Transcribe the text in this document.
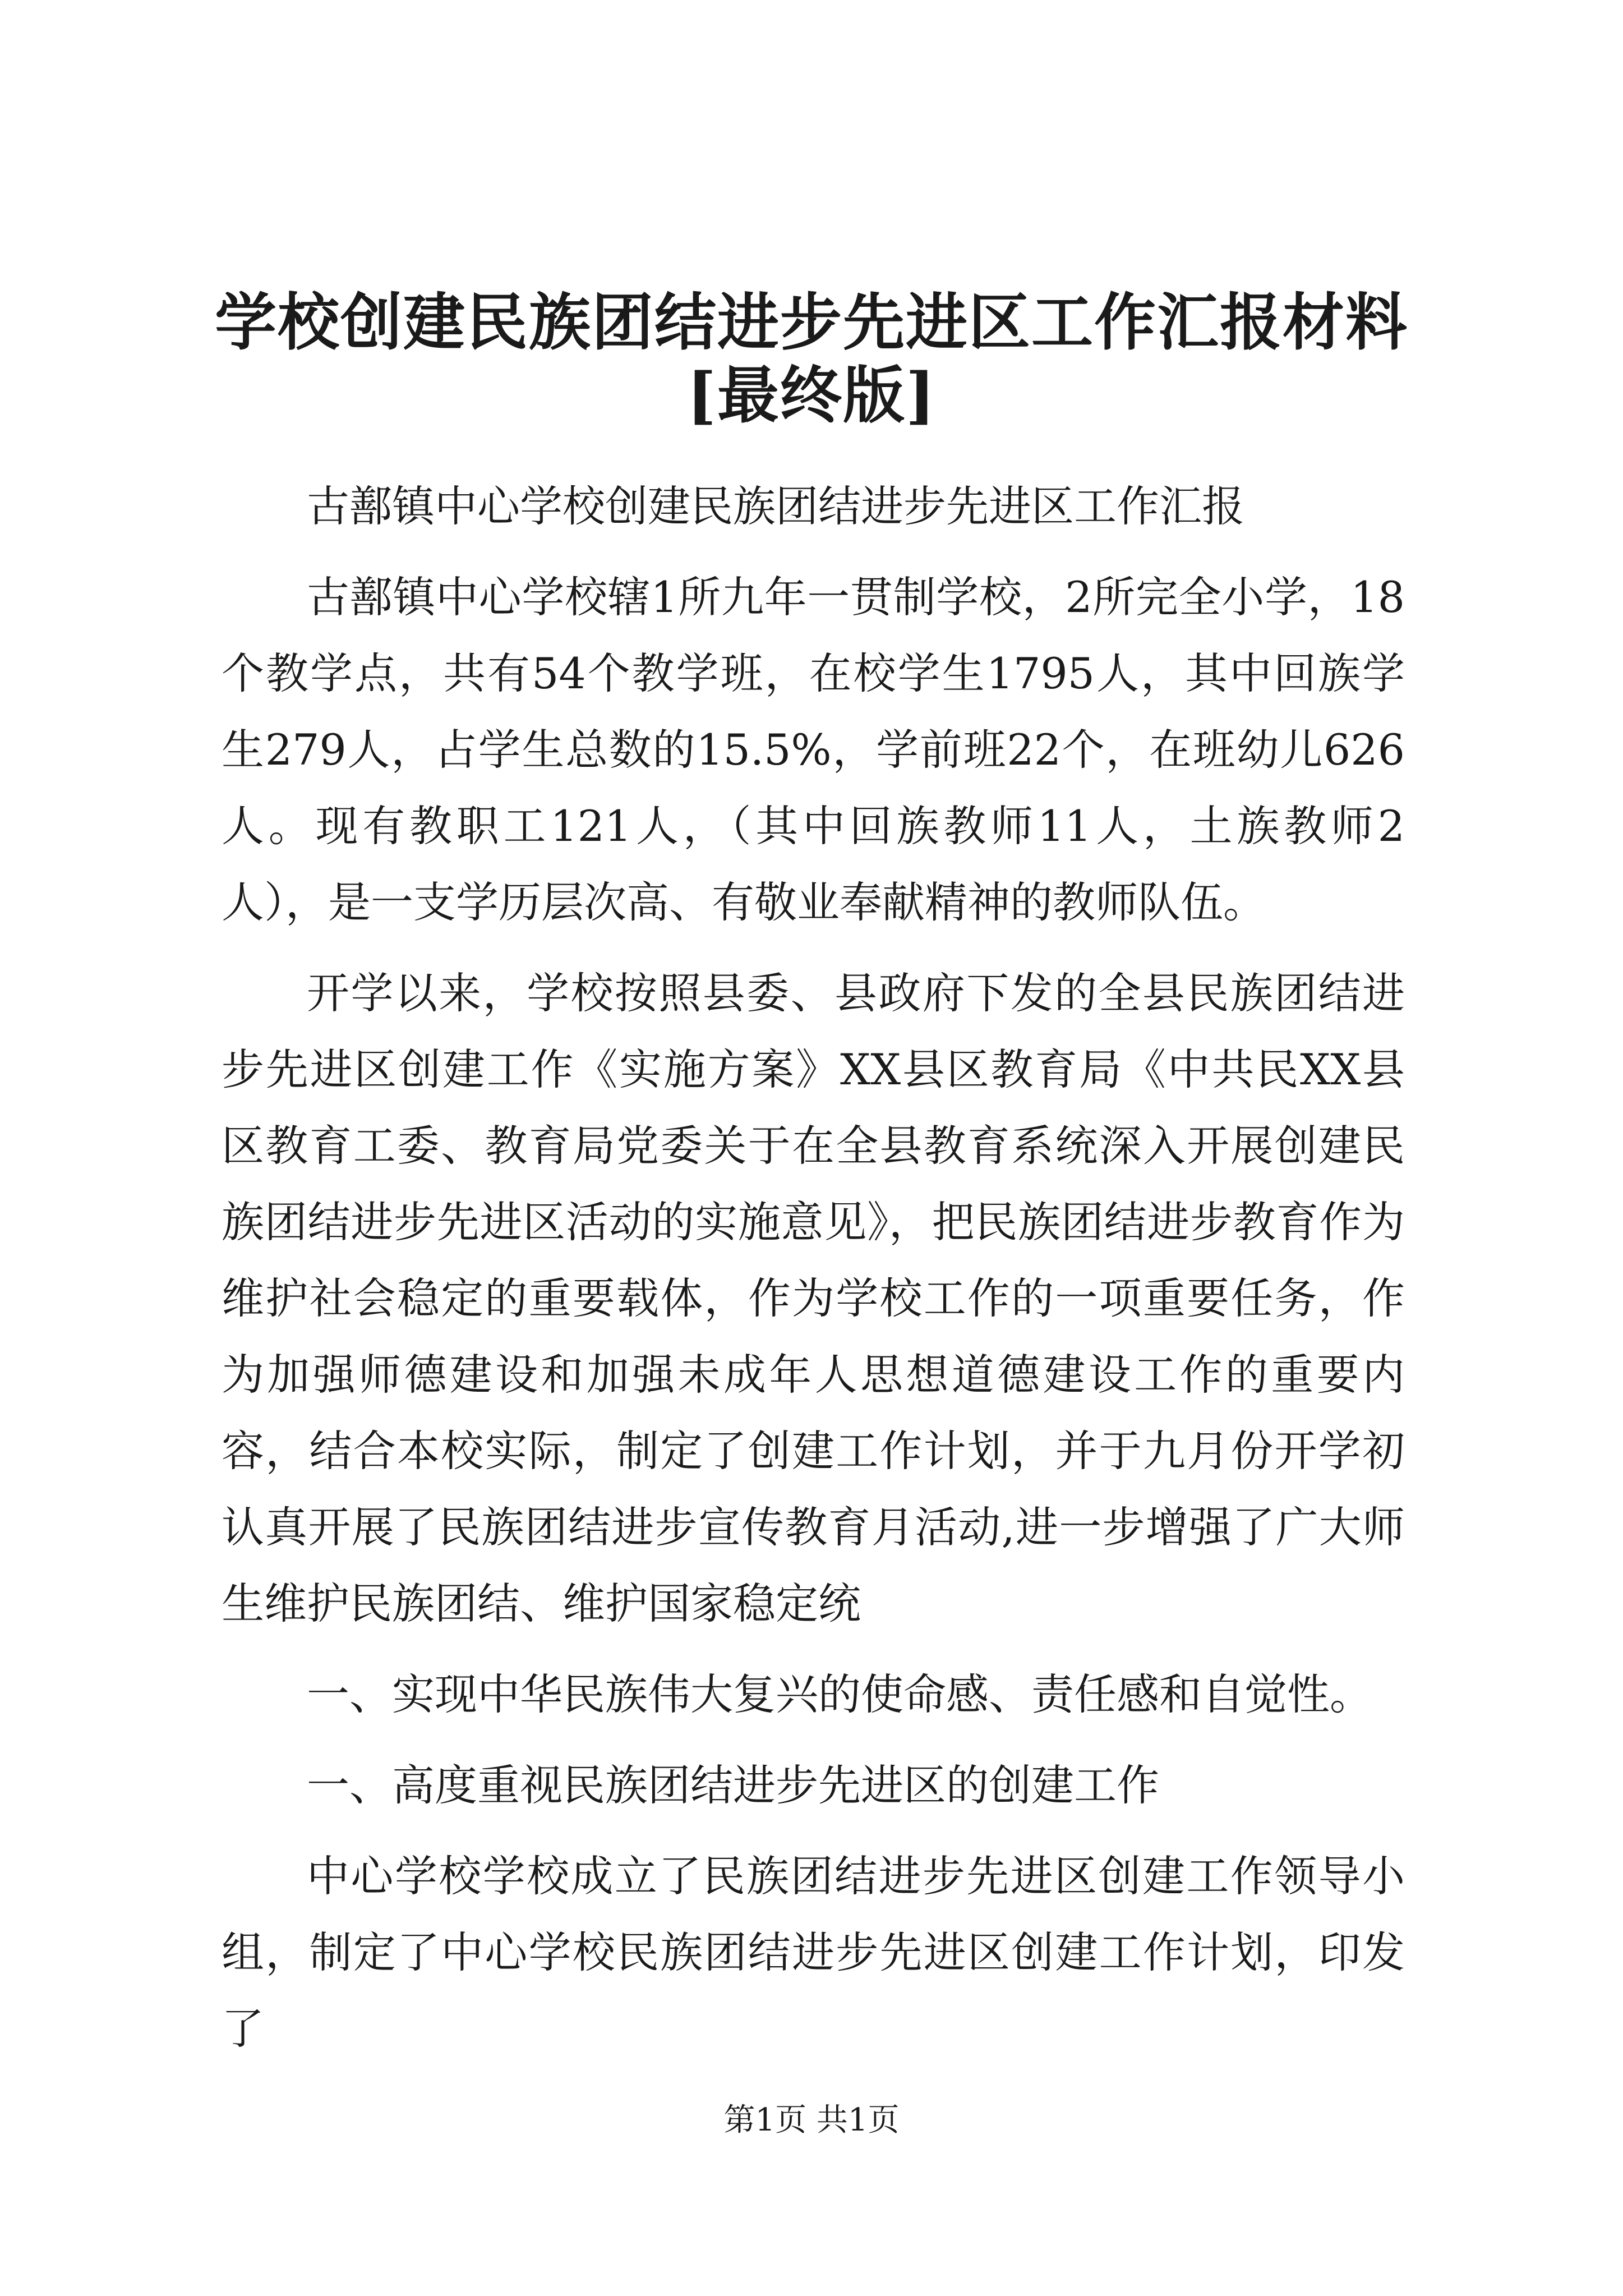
学校创建民族团结进步先进区工作汇报材料
[最终版]

古鄯镇中心学校创建民族团结进步先进区工作汇报

古鄯镇中心学校辖1所九年一贯制学校，2所完全小学，18个教学点，共有54个教学班，在校学生1795人，其中回族学生279人，占学生总数的15.5%，学前班22个，在班幼儿626人。现有教职工121人，（其中回族教师11人，土族教师2人），是一支学历层次高、有敬业奉献精神的教师队伍。

开学以来，学校按照县委、县政府下发的全县民族团结进步先进区创建工作《实施方案》XX县区教育局《中共民XX县区教育工委、教育局党委关于在全县教育系统深入开展创建民族团结进步先进区活动的实施意见》，把民族团结进步教育作为维护社会稳定的重要载体，作为学校工作的一项重要任务，作为加强师德建设和加强未成年人思想道德建设工作的重要内容，结合本校实际，制定了创建工作计划，并于九月份开学初认真开展了民族团结进步宣传教育月活动,进一步增强了广大师生维护民族团结、维护国家稳定统

一、实现中华民族伟大复兴的使命感、责任感和自觉性。

一、高度重视民族团结进步先进区的创建工作

中心学校学校成立了民族团结进步先进区创建工作领导小组，制定了中心学校民族团结进步先进区创建工作计划，印发了

第1页 共1页
